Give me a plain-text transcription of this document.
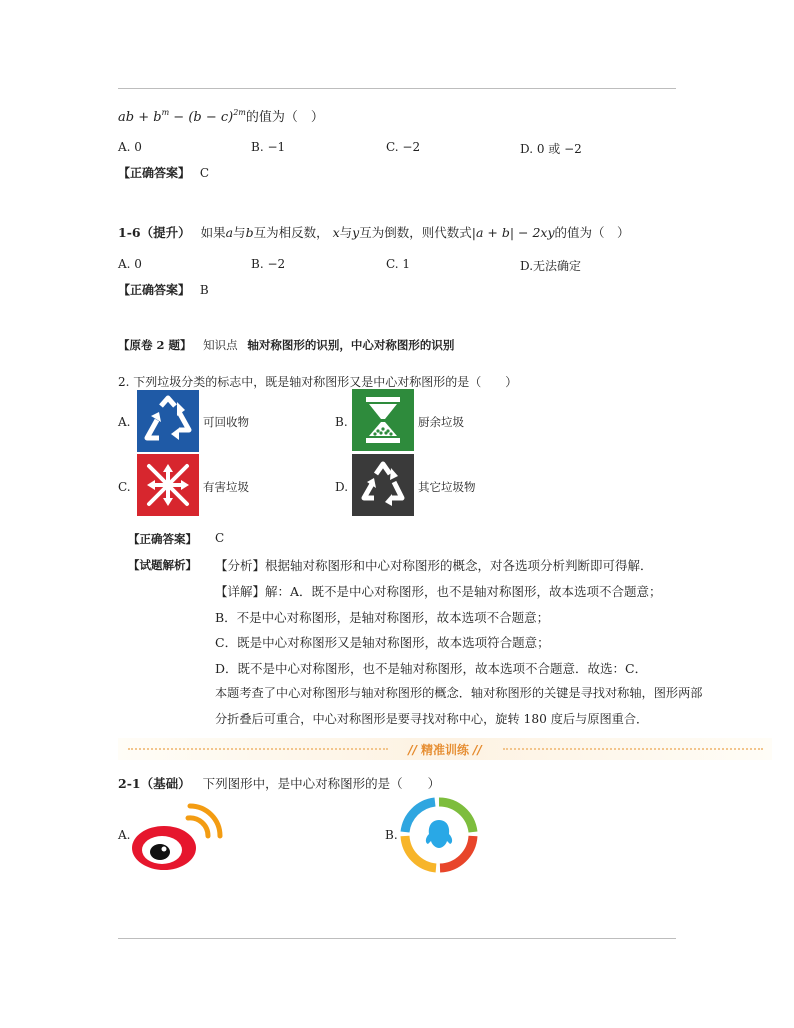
ab + $b^m - (b - c)^{2m}$的值为（　）
A. 0	B. −1	C. −2	D. 0 或 −2
【正确答案】 C
1-6（提升） 如果a与b互为相反数， x与y互为倒数，则代数式|a + b| − 2xy的值为（　）
A. 0	B. −2	C. 1	D.无法确定
【正确答案】 B
【原卷 2 题】 知识点 轴对称图形的识别，中心对称图形的识别
2. 下列垃圾分类的标志中，既是轴对称图形又是中心对称图形的是（　　）
A.	可回收物	B.	厨余垃圾
C.	有害垃圾	D.	其它垃圾物
【正确答案】 C
【试题解析】 【分析】根据轴对称图形和中心对称图形的概念，对各选项分析判断即可得解．
【详解】解：A．既不是中心对称图形，也不是轴对称图形，故本选项不合题意；
B．不是中心对称图形，是轴对称图形，故本选项不合题意；
C．既是中心对称图形又是轴对称图形，故本选项符合题意；
D．既不是中心对称图形，也不是轴对称图形，故本选项不合题意．故选：C．
本题考查了中心对称图形与轴对称图形的概念．轴对称图形的关键是寻找对称轴，图形两部
分折叠后可重合，中心对称图形是要寻找对称中心，旋转 180 度后与原图重合．
// 精准训练 //
2-1（基础） 下列图形中，是中心对称图形的是（　　）
A.	B.
